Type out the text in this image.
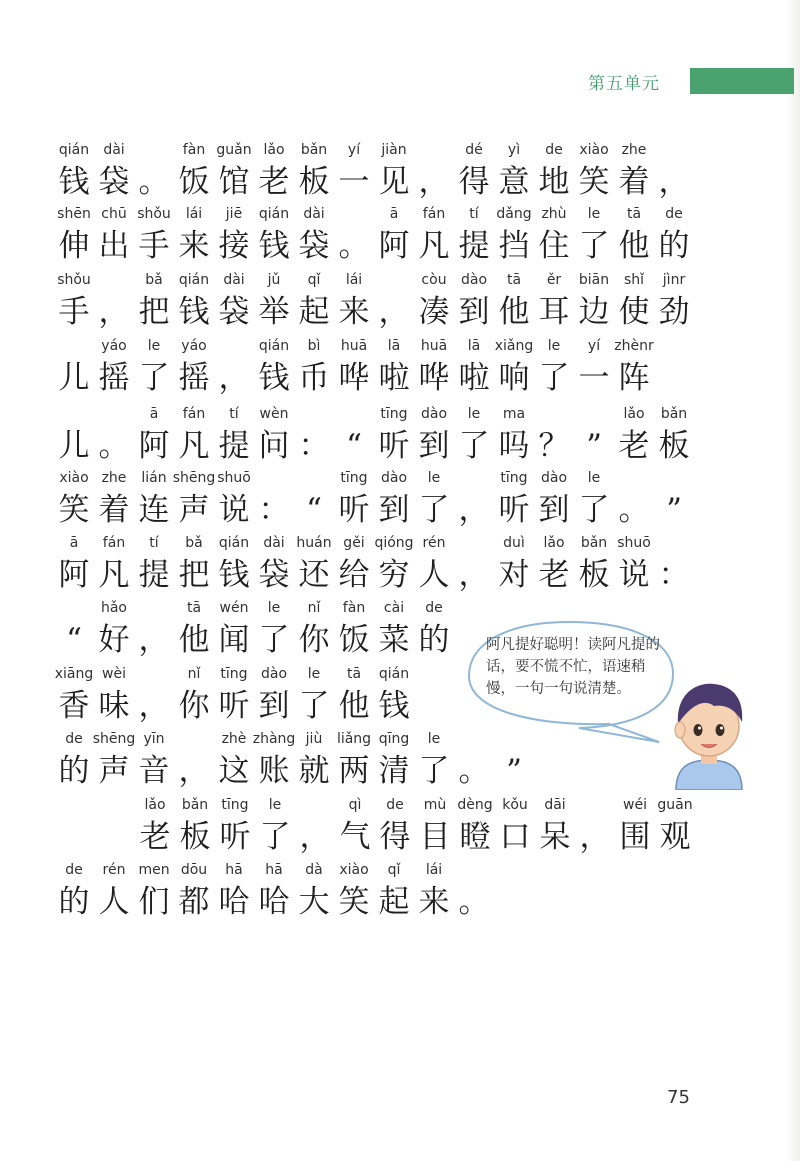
第五单元
qián
钱
dài
袋 。
fàn
饭
guǎn
馆
lǎo
老
bǎn
板
yí
一
jiàn
见 ，
dé
得
yì
意
de
地
xiào
笑
zhe
着 ，
shēn
伸
chū
出
shǒu
手
lái
来
jiē
接
qián
钱
dài
袋 。
ā
阿
fán
凡
tí
提
dǎng
挡
zhù
住
le
了
tā
他
de
的
shǒu
手 ，
bǎ
把
qián
钱
dài
袋
jǔ
举
qǐ
起
lái
来 ，
còu
凑
dào
到
tā
他
ěr
耳
biān
边
shǐ
使
jìnr
劲
儿
yáo
摇
le
了
yáo
摇 ，
qián
钱
bì
币
huā
哗
lā
啦
huā
哗
lā
啦
xiǎng
响
le
了
yí
一
zhènr
阵
儿 。
ā
阿
fán
凡
tí
提
wèn
问 ： “
tīng
听
dào
到
le
了
ma
吗 ？ ”
lǎo
老
bǎn
板
xiào
笑
zhe
着
lián
连
shēng
声
shuō
说 ： “
tīng
听
dào
到
le
了 ，
tīng
听
dào
到
le
了 。 ”
ā
阿
fán
凡
tí
提
bǎ
把
qián
钱
dài
袋
huán
还
gěi
给
qióng
穷
rén
人 ，
duì
对
lǎo
老
bǎn
板
shuō
说 ：
“
hǎo
好 ，
tā
他
wén
闻
le
了
nǐ
你
fàn
饭
cài
菜
de
的
xiāng
香
wèi
味 ，
nǐ
你
tīng
听
dào
到
le
了
tā
他
qián
钱
de
的
shēng
声
yīn
音 ，
zhè
这
zhàng
账
jiù
就
liǎng
两
qīng
清
le
了 。 ”
lǎo
老
bǎn
板
tīng
听
le
了 ，
qì
气
de
得
mù
目
dèng
瞪
kǒu
口
dāi
呆 ，
wéi
围
guān
观
de
的
rén
人
men
们
dōu
都
hā
哈
hā
哈
dà
大
xiào
笑
qǐ
起
lái
来 。
阿凡提好聪明！读阿凡提的话，要不慌不忙，语速稍慢，一句一句说清楚。
75
